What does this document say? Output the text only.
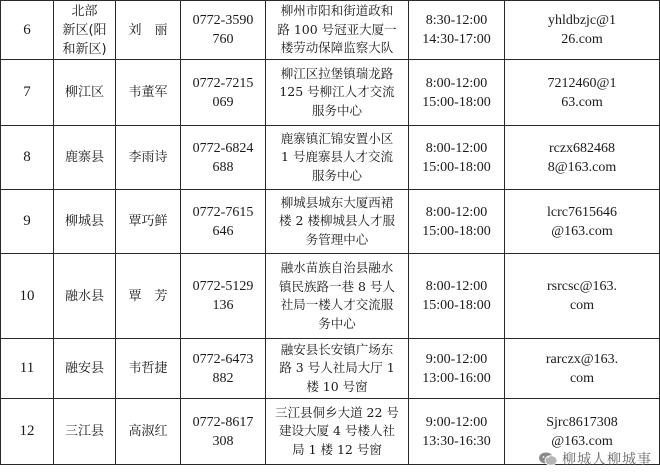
6	北部
新区(阳
和新区)	刘　丽	0772-3590
760	柳州市阳和街道政和
路 100 号冠亚大厦一
楼劳动保障监察大队	8:30-12:00
14:30-17:00	yhldbzjc@1
26.com

7	柳江区	韦董军	0772-7215
069	柳江区拉堡镇瑞龙路
125 号柳江人才交流
服务中心	8:00-12:00
15:00-18:00	7212460@1
63.com

8	鹿寨县	李雨诗	0772-6824
688	鹿寨镇汇锦安置小区
1 号鹿寨县人才交流
服务中心	8:00-12:00
15:00-18:00	rczx682468
8@163.com

9	柳城县	覃巧鲜	0772-7615
646	柳城县城东大厦西裙
楼 2 楼柳城县人才服
务管理中心	8:00-12:00
15:00-18:00	lcrc7615646
@163.com

10	融水县	覃　芳	0772-5129
136	融水苗族自治县融水
镇民族路一巷 8 号人
社局一楼人才交流服
务中心	8:00-12:00
15:00-18:00	rsrcsc@163.
com

11	融安县	韦哲捷	0772-6473
882	融安县长安镇广场东
路 3 号人社局大厅 1
楼 10 号窗	9:00-12:00
13:00-16:00	rarczx@163.
com

12	三江县	高淑红	0772-8617
308	三江县侗乡大道 22 号
建设大厦 4 号楼人社
局 1 楼 12 号窗	9:00-12:00
13:30-16:30	Sjrc8617308
@163.com
柳城人柳城事
